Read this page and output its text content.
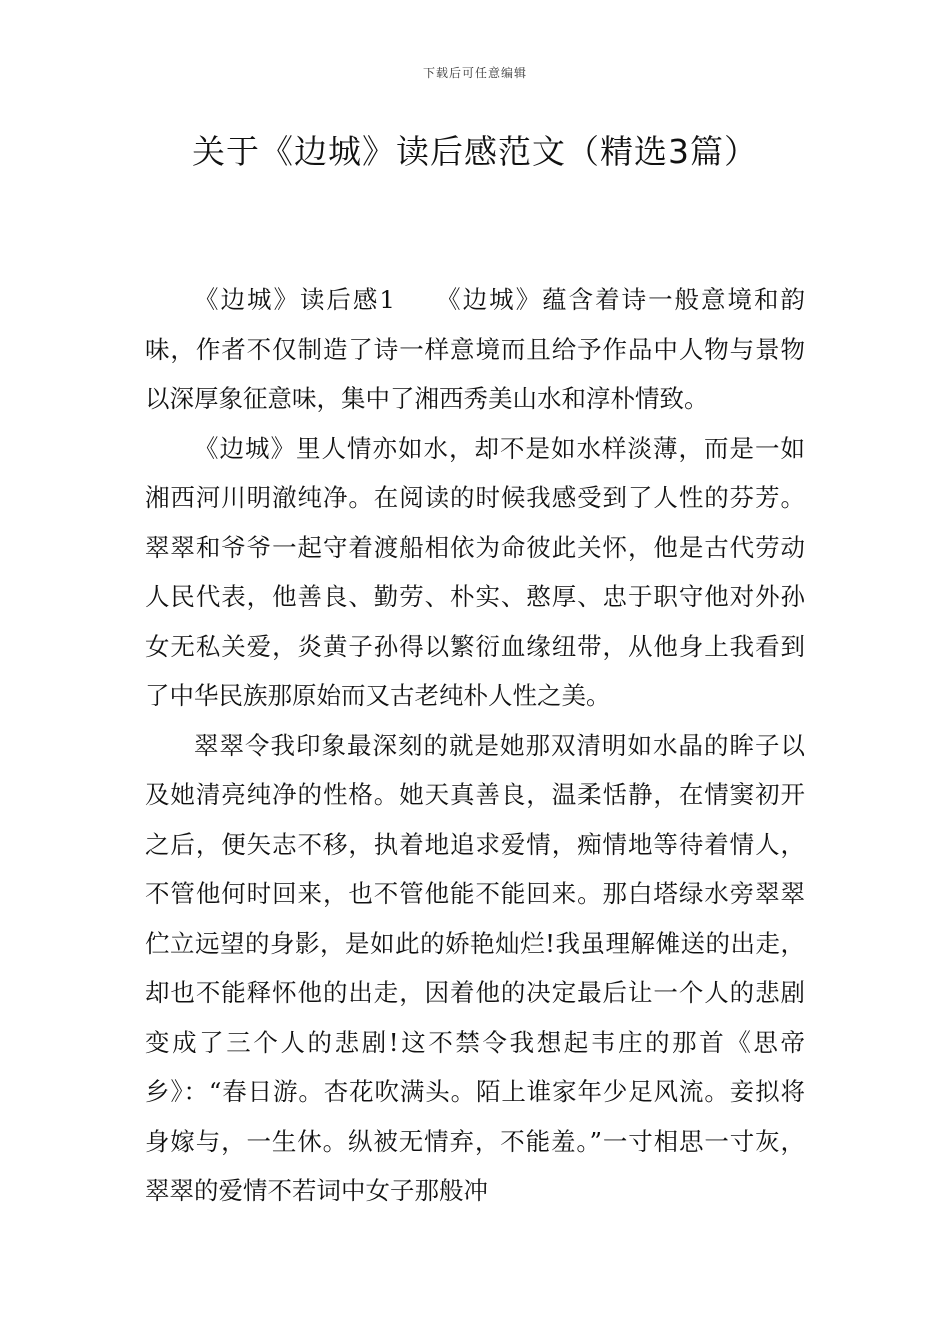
下载后可任意编辑
关于《边城》读后感范文（精选3篇）

《边城》读后感1 《边城》蕴含着诗一般意境和韵味，作者不仅制造了诗一样意境而且给予作品中人物与景物以深厚象征意味，集中了湘西秀美山水和淳朴情致。

《边城》里人情亦如水，却不是如水样淡薄，而是一如湘西河川明澈纯净。在阅读的时候我感受到了人性的芬芳。翠翠和爷爷一起守着渡船相依为命彼此关怀，他是古代劳动人民代表，他善良、勤劳、朴实、憨厚、忠于职守他对外孙女无私关爱，炎黄子孙得以繁衍血缘纽带，从他身上我看到了中华民族那原始而又古老纯朴人性之美。

翠翠令我印象最深刻的就是她那双清明如水晶的眸子以及她清亮纯净的性格。她天真善良，温柔恬静，在情窦初开之后，便矢志不移，执着地追求爱情，痴情地等待着情人，不管他何时回来，也不管他能不能回来。那白塔绿水旁翠翠伫立远望的身影，是如此的娇艳灿烂!我虽理解傩送的出走，却也不能释怀他的出走，因着他的决定最后让一个人的悲剧变成了三个人的悲剧!这不禁令我想起韦庄的那首《思帝乡》：“春日游。杏花吹满头。陌上谁家年少足风流。妾拟将身嫁与，一生休。纵被无情弃，不能羞。”一寸相思一寸灰，翠翠的爱情不若词中女子那般冲
